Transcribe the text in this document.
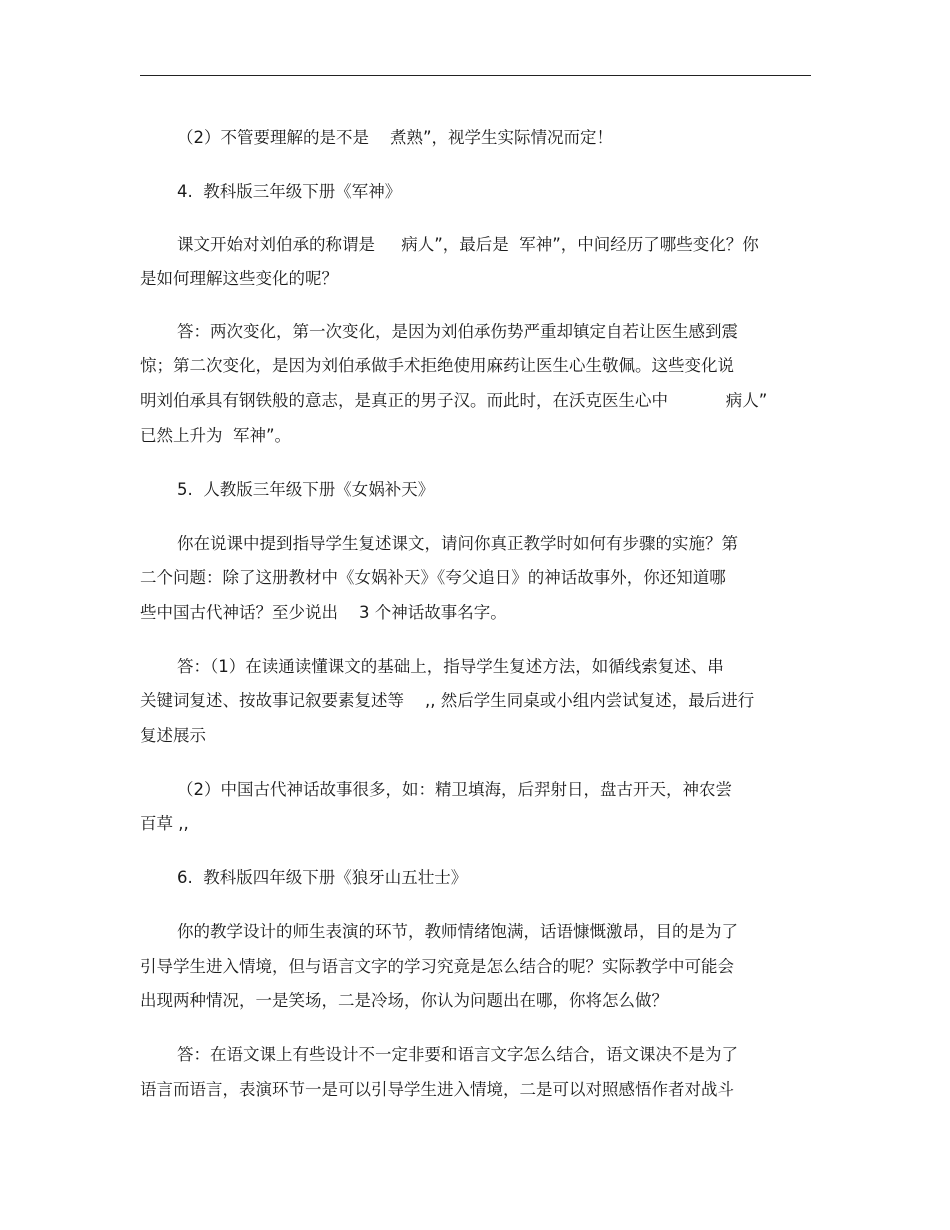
（2）不管要理解的是不是    煮熟”，视学生实际情况而定！
4.  教科版三年级下册《军神》
课文开始对刘伯承的称谓是     病人”，最后是  军神”，中间经历了哪些变化？你
是如何理解这些变化的呢？
答：两次变化，第一次变化，是因为刘伯承伤势严重却镇定自若让医生感到震
惊；第二次变化，是因为刘伯承做手术拒绝使用麻药让医生心生敬佩。这些变化说
明刘伯承具有钢铁般的意志，是真正的男子汉。而此时，在沃克医生心中           病人”
已然上升为  军神”。
5.  人教版三年级下册《女娲补天》
你在说课中提到指导学生复述课文，请问你真正教学时如何有步骤的实施？第
二个问题：除了这册教材中《女娲补天》《夸父追日》的神话故事外，你还知道哪
些中国古代神话？至少说出    3 个神话故事名字。
答：（1）在读通读懂课文的基础上，指导学生复述方法，如循线索复述、串
关键词复述、按故事记叙要素复述等    ,, 然后学生同桌或小组内尝试复述，最后进行
复述展示
（2）中国古代神话故事很多，如：精卫填海，后羿射日，盘古开天，神农尝
百草 ,,
6.  教科版四年级下册《狼牙山五壮士》
你的教学设计的师生表演的环节，教师情绪饱满，话语慷慨激昂，目的是为了
引导学生进入情境，但与语言文字的学习究竟是怎么结合的呢？实际教学中可能会
出现两种情况，一是笑场，二是冷场，你认为问题出在哪，你将怎么做？
答：在语文课上有些设计不一定非要和语言文字怎么结合，语文课决不是为了
语言而语言，表演环节一是可以引导学生进入情境，二是可以对照感悟作者对战斗
